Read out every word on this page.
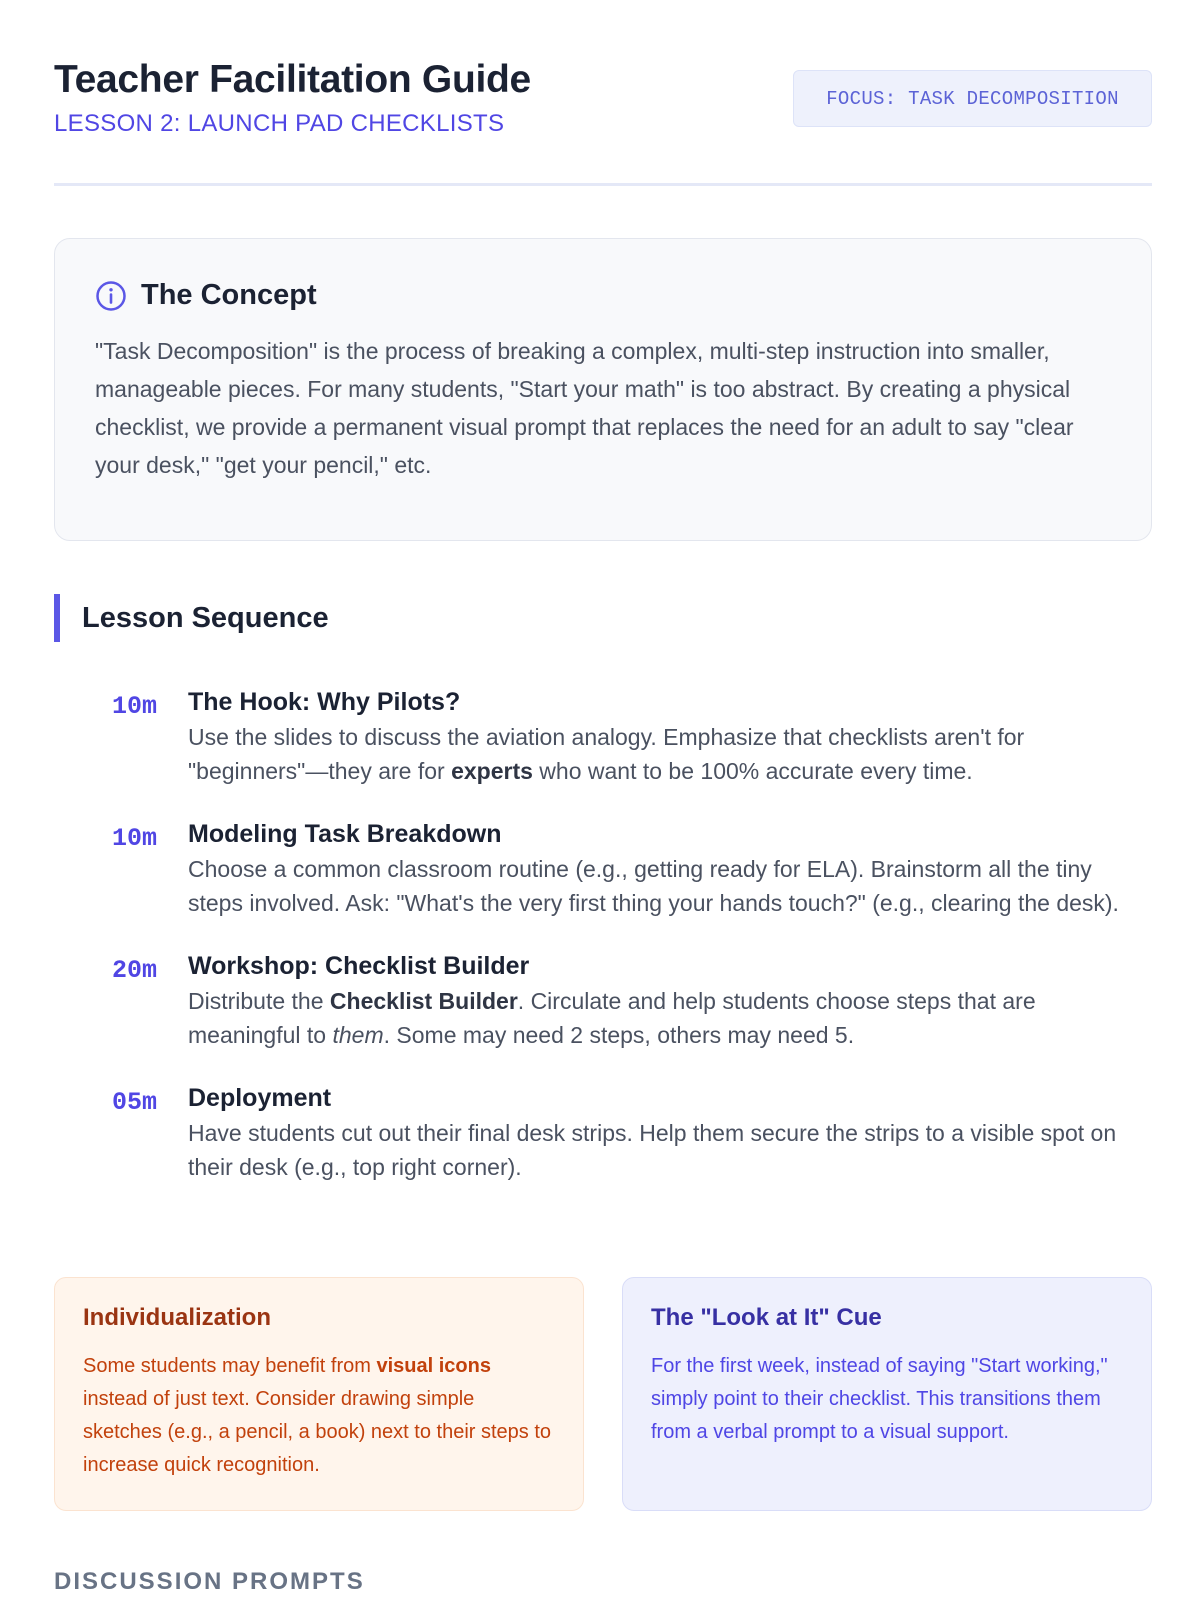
Teacher Facilitation Guide
LESSON 2: LAUNCH PAD CHECKLISTS
FOCUS: TASK DECOMPOSITION
The Concept

"Task Decomposition" is the process of breaking a complex, multi-step instruction into smaller, manageable pieces. For many students, "Start your math" is too abstract. By creating a physical checklist, we provide a permanent visual prompt that replaces the need for an adult to say "clear your desk," "get your pencil," etc.

Lesson Sequence
10m	The Hook: Why Pilots?
Use the slides to discuss the aviation analogy. Emphasize that checklists aren't for "beginners"—they are for experts who want to be 100% accurate every time.
10m	Modeling Task Breakdown
Choose a common classroom routine (e.g., getting ready for ELA). Brainstorm all the tiny steps involved. Ask: "What's the very first thing your hands touch?" (e.g., clearing the desk).
20m	Workshop: Checklist Builder
Distribute the Checklist Builder. Circulate and help students choose steps that are meaningful to them. Some may need 2 steps, others may need 5.
05m	Deployment
Have students cut out their final desk strips. Help them secure the strips to a visible spot on their desk (e.g., top right corner).
Individualization
Some students may benefit from visual icons instead of just text. Consider drawing simple sketches (e.g., a pencil, a book) next to their steps to increase quick recognition.
The "Look at It" Cue
For the first week, instead of saying "Start working," simply point to their checklist. This transitions them from a verbal prompt to a visual support.
DISCUSSION PROMPTS
